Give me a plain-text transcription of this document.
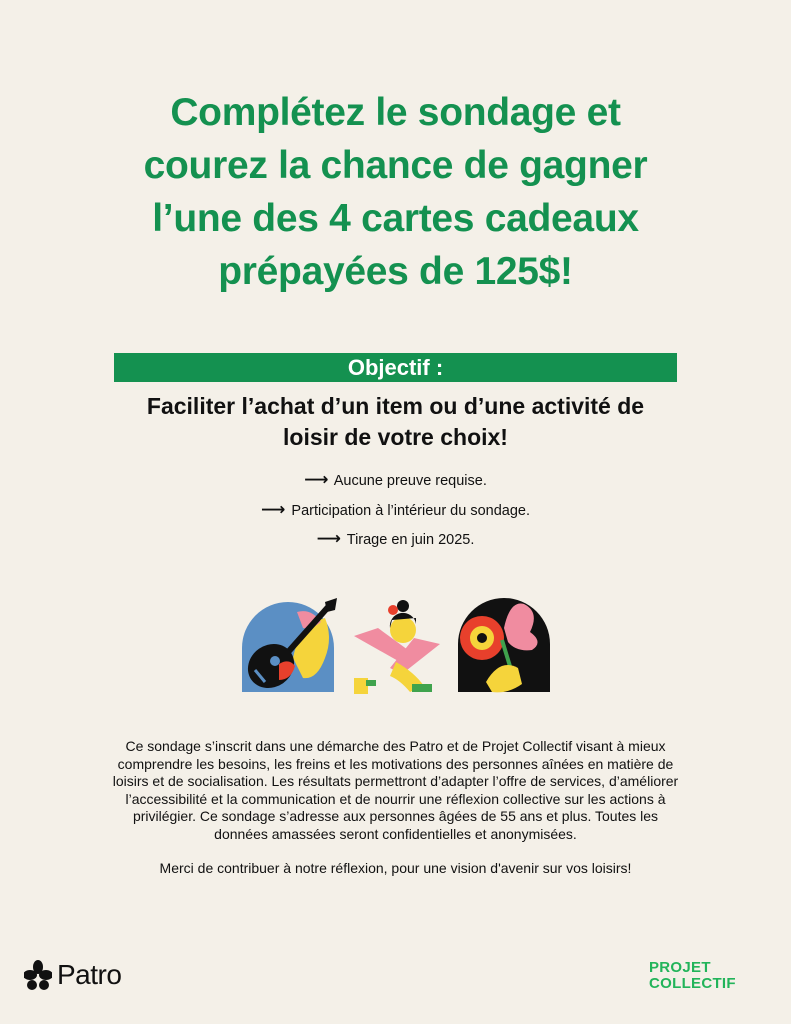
Complétez le sondage et
courez la chance de gagner
l’une des 4 cartes cadeaux
prépayées de 125$!
Objectif :
Faciliter l’achat d’un item ou d’une activité de
loisir de votre choix!
⟶ Aucune preuve requise.
⟶ Participation à l’intérieur du sondage.
⟶ Tirage en juin 2025.

Ce sondage s’inscrit dans une démarche des Patro et de Projet Collectif visant à mieux comprendre les besoins, les freins et les motivations des personnes aînées en matière de loisirs et de socialisation. Les résultats permettront d’adapter l’offre de services, d’améliorer l’accessibilité et la communication et de nourrir une réflexion collective sur les actions à privilégier. Ce sondage s’adresse aux personnes âgées de 55 ans et plus. Toutes les données amassées seront confidentielles et anonymisées.

Merci de contribuer à notre réflexion, pour une vision d'avenir sur vos loisirs!

Patro	PROJET
COLLECTIF
